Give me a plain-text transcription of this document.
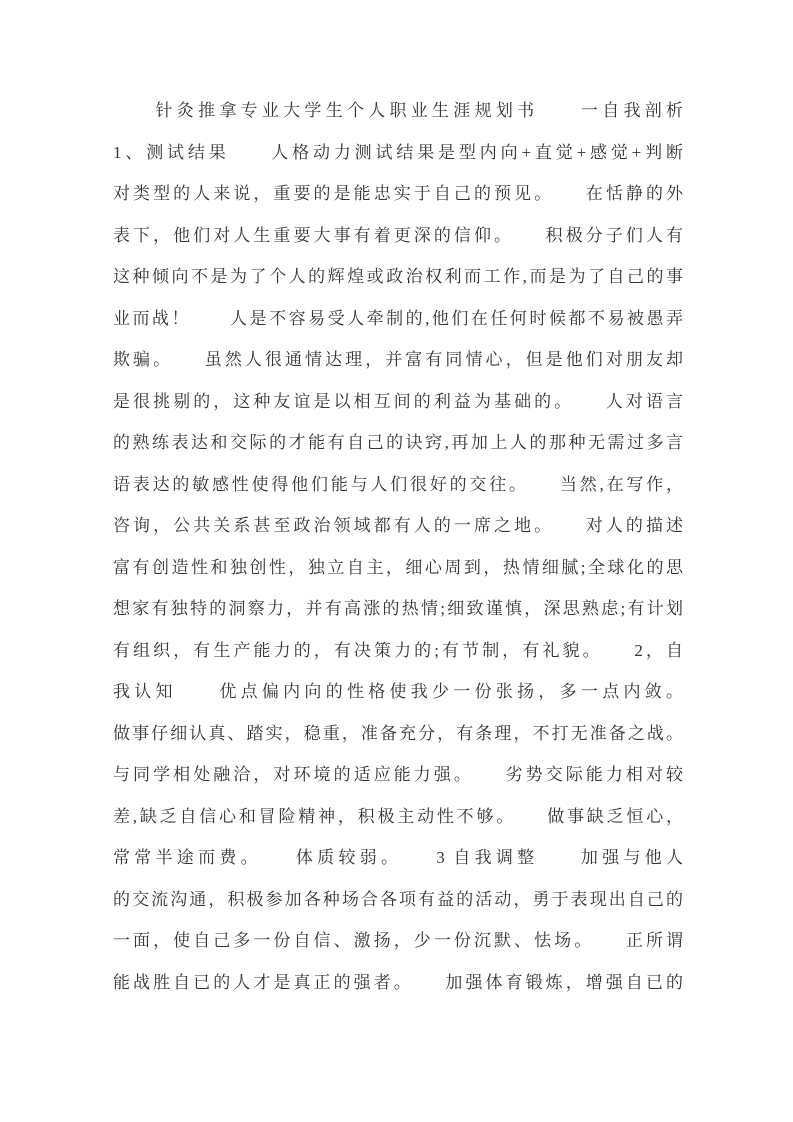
　　针灸推拿专业大学生个人职业生涯规划书　　一自我剖析
1、测试结果　　人格动力测试结果是型内向+直觉+感觉+判断
对类型的人来说，重要的是能忠实于自己的预见。　　在恬静的外
表下，他们对人生重要大事有着更深的信仰。　　积极分子们人有
这种倾向不是为了个人的辉煌或政治权利而工作,而是为了自己的事
业而战！　　人是不容易受人牵制的,他们在任何时候都不易被愚弄
欺骗。　　虽然人很通情达理，并富有同情心，但是他们对朋友却
是很挑剔的，这种友谊是以相互间的利益为基础的。　　人对语言
的熟练表达和交际的才能有自己的诀窍,再加上人的那种无需过多言
语表达的敏感性使得他们能与人们很好的交往。　　当然,在写作，
咨询，公共关系甚至政治领域都有人的一席之地。　　对人的描述
富有创造性和独创性，独立自主，细心周到，热情细腻;全球化的思
想家有独特的洞察力，并有高涨的热情;细致谨慎，深思熟虑;有计划
有组织，有生产能力的，有决策力的;有节制，有礼貌。　　2，自
我认知　　优点偏内向的性格使我少一份张扬，多一点内敛。
做事仔细认真、踏实，稳重，准备充分，有条理，不打无准备之战。
与同学相处融洽，对环境的适应能力强。　　劣势交际能力相对较
差,缺乏自信心和冒险精神，积极主动性不够。　　做事缺乏恒心，
常常半途而费。　　体质较弱。　　3 自我调整　　加强与他人
的交流沟通，积极参加各种场合各项有益的活动，勇于表现出自己的
一面，使自己多一份自信、激扬，少一份沉默、怯场。　　正所谓
能战胜自已的人才是真正的强者。　　加强体育锻炼，增强自已的
